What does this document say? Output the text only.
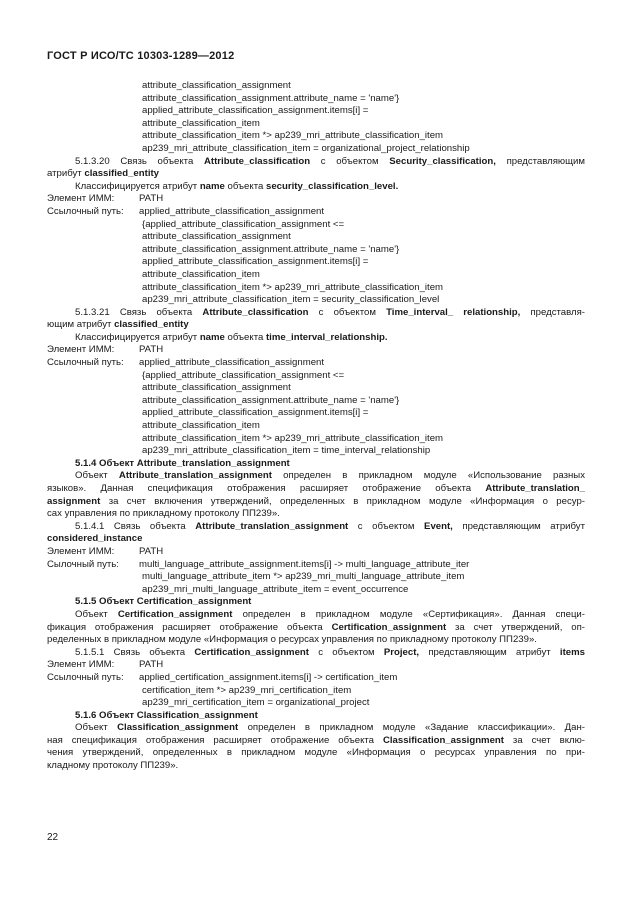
ГОСТ Р ИСО/ТС 10303-1289—2012
attribute_classification_assignment
attribute_classification_assignment.attribute_name = 'name'}
applied_attribute_classification_assignment.items[i] =
attribute_classification_item
attribute_classification_item *> ap239_mri_attribute_classification_item
ap239_mri_attribute_classification_item = organizational_project_relationship
5.1.3.20 Связь объекта Attribute_classification с объектом Security_classification, представляющим
атрибут classified_entity
Классифицируется атрибут name объекта security_classification_level.
Элемент ИММ:	PATH
Ссылочный путь: applied_attribute_classification_assignment
{applied_attribute_classification_assignment <=
attribute_classification_assignment
attribute_classification_assignment.attribute_name = 'name'}
applied_attribute_classification_assignment.items[i] =
attribute_classification_item
attribute_classification_item *> ap239_mri_attribute_classification_item
ap239_mri_attribute_classification_item = security_classification_level
5.1.3.21 Связь объекта Attribute_classification с объектом Time_interval_ relationship, представля-
ющим атрибут classified_entity
Классифицируется атрибут name объекта time_interval_relationship.
Элемент ИММ:	PATH
Ссылочный путь: applied_attribute_classification_assignment
{applied_attribute_classification_assignment <=
attribute_classification_assignment
attribute_classification_assignment.attribute_name = 'name'}
applied_attribute_classification_assignment.items[i] =
attribute_classification_item
attribute_classification_item *> ap239_mri_attribute_classification_item
ap239_mri_attribute_classification_item = time_interval_relationship
5.1.4 Объект Attribute_translation_assignment
Объект Attribute_translation_assignment определен в прикладном модуле «Использование разных
языков». Данная спецификация отображения расширяет отображение объекта Attribute_translation_
assignment за счет включения утверждений, определенных в прикладном модуле «Информация о ресур-
сах управления по прикладному протоколу ПП239».
5.1.4.1 Связь объекта Attribute_translation_assignment с объектом Event, представляющим атрибут
considered_instance
Элемент ИММ:	PATH
Сылочный путь: multi_language_attribute_assignment.items[i] -> multi_language_attribute_iter
multi_language_attribute_item *> ap239_mri_multi_language_attribute_item
ap239_mri_multi_language_attribute_item = event_occurrence
5.1.5 Объект Certification_assignment
Объект Certification_assignment определен в прикладном модуле «Сертификация». Данная специ-
фикация отображения расширяет отображение объекта Certification_assignment за счет утверждений, оп-
ределенных в прикладном модуле «Информация о ресурсах управления по прикладному протоколу ПП239».
5.1.5.1 Связь объекта Certification_assignment с объектом Project, представляющим атрибут items
Элемент ИММ:	PATH
Ссылочный путь: applied_certification_assignment.items[i] -> certification_item
certification_item *> ap239_mri_certification_item
ap239_mri_certification_item = organizational_project
5.1.6 Объект Classification_assignment
Объект Classification_assignment определен в прикладном модуле «Задание классификации». Дан-
ная спецификация отображения расширяет отображение объекта Classification_assignment за счет вклю-
чения утверждений, определенных в прикладном модуле «Информация о ресурсах управления по при-
кладному протоколу ПП239».
22
